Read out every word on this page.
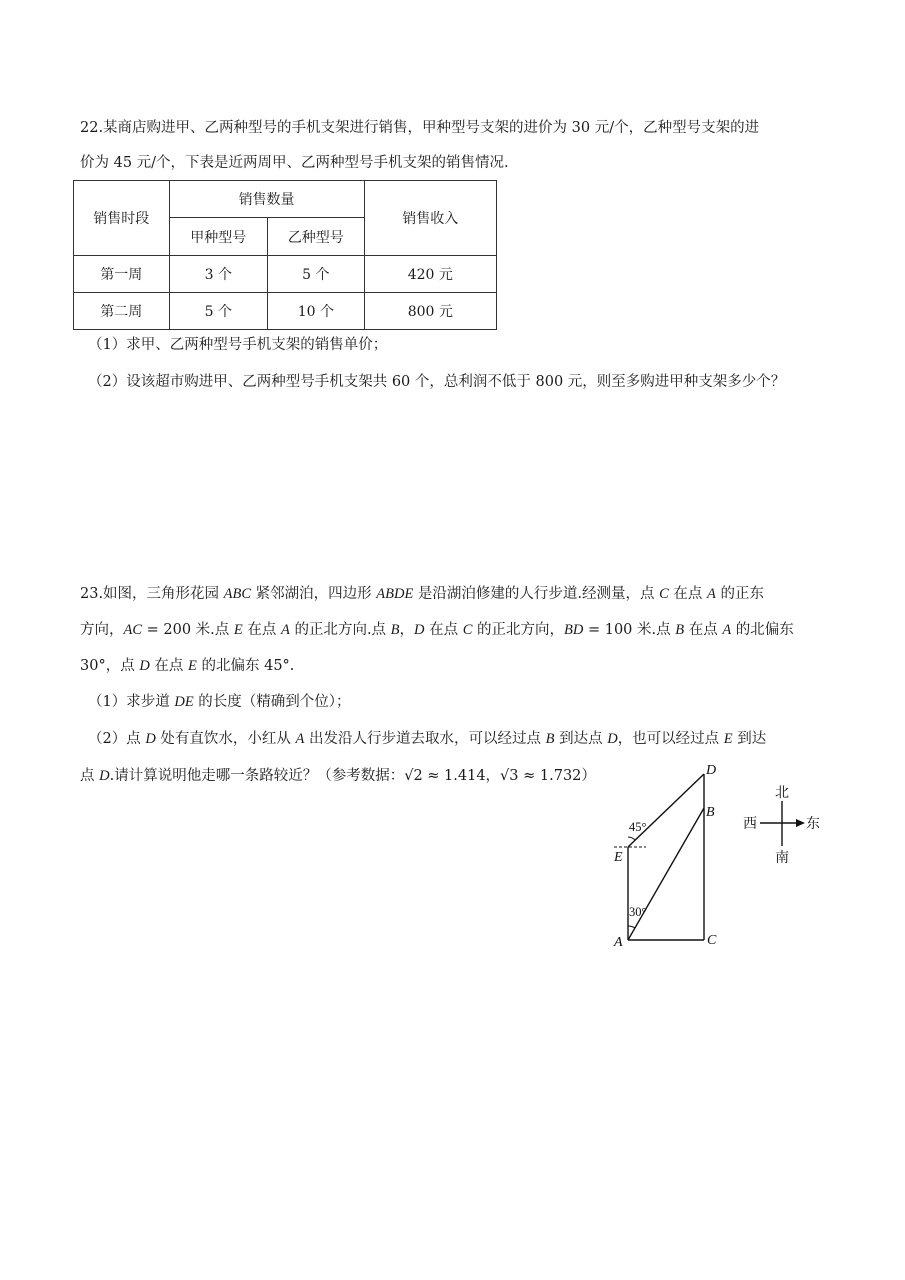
22.某商店购进甲、乙两种型号的手机支架进行销售，甲种型号支架的进价为 30 元/个，乙种型号支架的进
价为 45 元/个，下表是近两周甲、乙两种型号手机支架的销售情况.
销售时段	销售数量		销售收入
	甲种型号	乙种型号	
第一周	3 个	5 个	420 元
第二周	5 个	10 个	800 元
（1）求甲、乙两种型号手机支架的销售单价；
（2）设该超市购进甲、乙两种型号手机支架共 60 个，总利润不低于 800 元，则至多购进甲种支架多少个？
23.如图，三角形花园 ABC 紧邻湖泊，四边形 ABDE 是沿湖泊修建的人行步道.经测量，点 C 在点 A 的正东
方向，AC = 200 米.点 E 在点 A 的正北方向.点 B，D 在点 C 的正北方向，BD = 100 米.点 B 在点 A 的北偏东
30°，点 D 在点 E 的北偏东 45°.
（1）求步道 DE 的长度（精确到个位）；
（2）点 D 处有直饮水，小红从 A 出发沿人行步道去取水，可以经过点 B 到达点 D，也可以经过点 E 到达
点 D.请计算说明他走哪一条路较近？（参考数据：√2 ≈ 1.414，√3 ≈ 1.732）	D
B
E
A	C
45°
30°
北
南
西	东
